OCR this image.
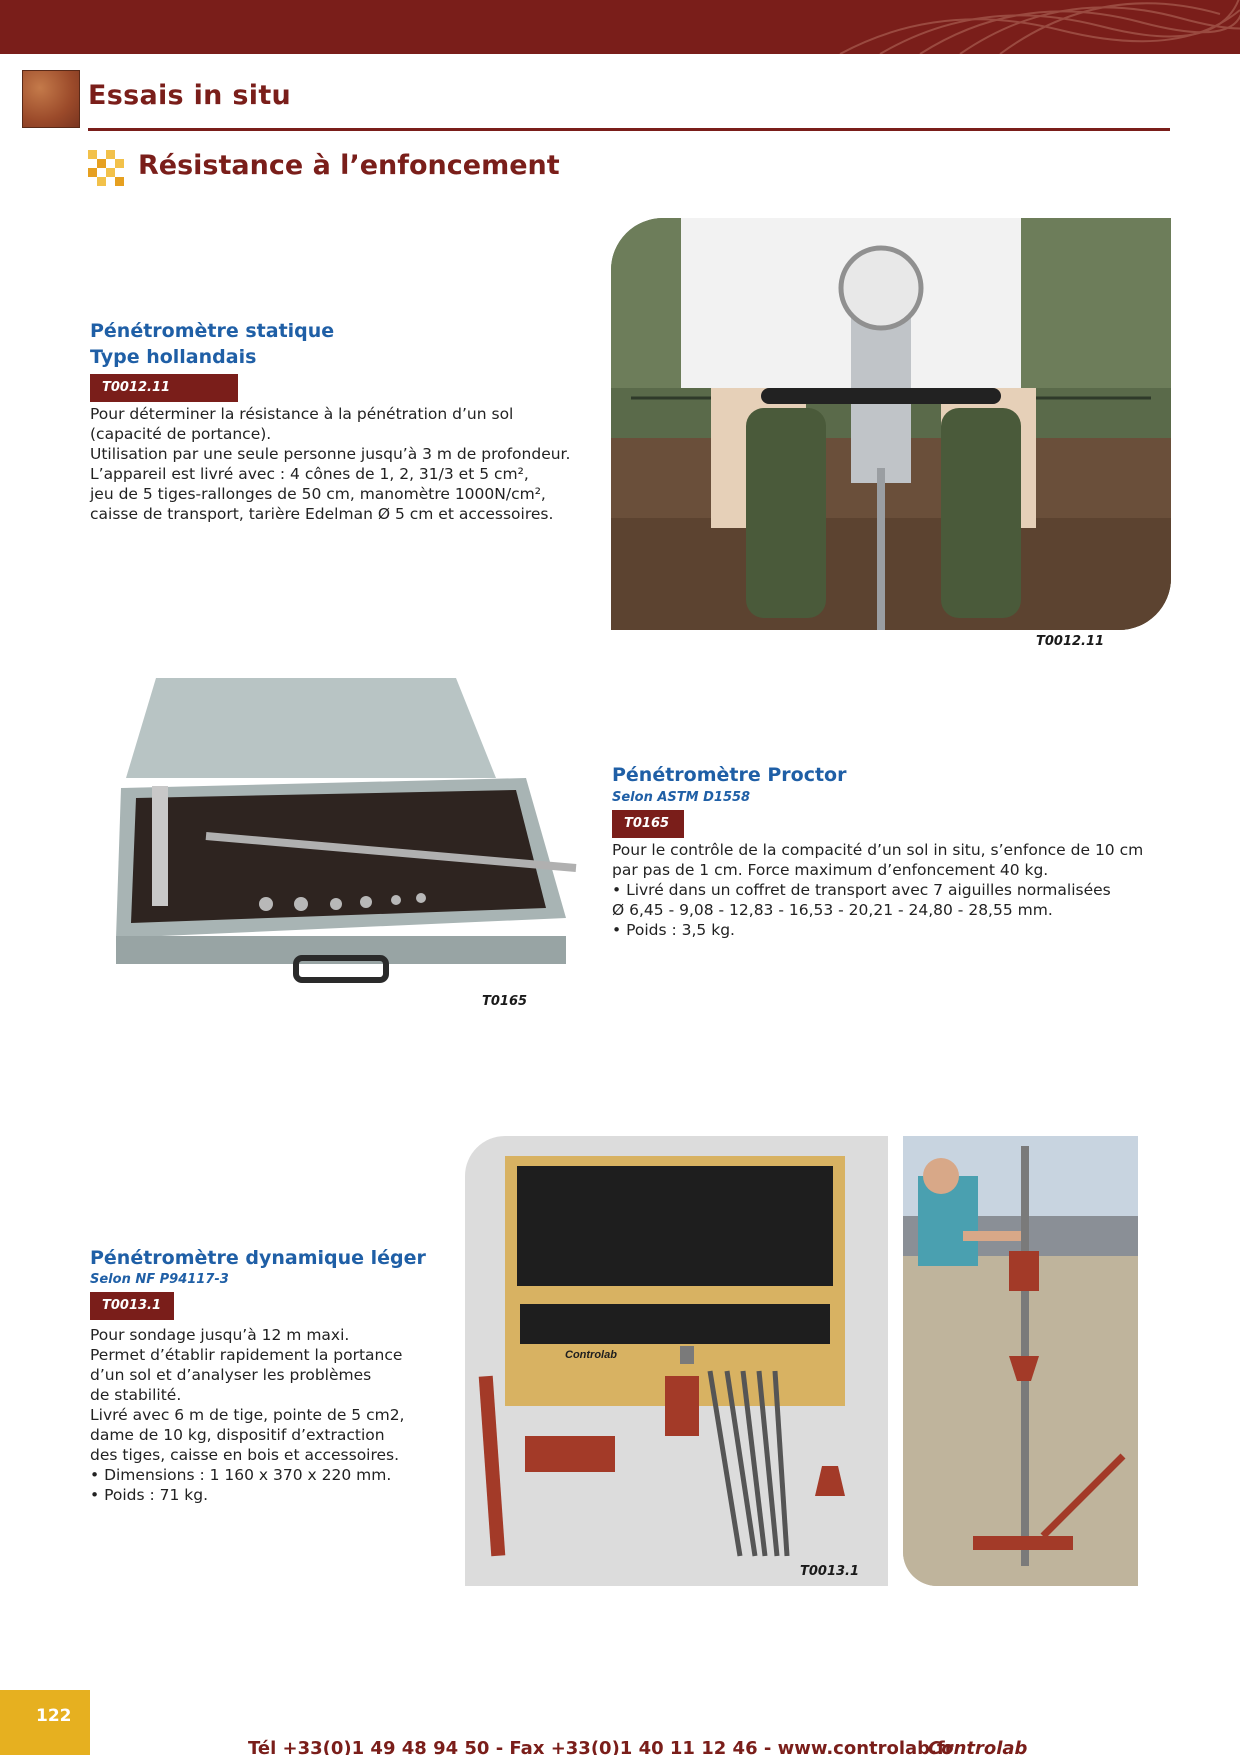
Essais in situ
Résistance à l’enfoncement
Pénétromètre statique
Type hollandais
T0012.11

Pour déterminer la résistance à la pénétration d’un sol

(capacité de portance).

Utilisation par une seule personne jusqu’à 3 m de profondeur.

L’appareil est livré avec : 4 cônes de 1, 2, 31/3 et 5 cm²,

jeu de 5 tiges-rallonges de 50 cm, manomètre 1000N/cm²,

caisse de transport, tarière Edelman Ø 5 cm et accessoires.

T0012.11
T0165
Pénétromètre Proctor
Selon ASTM D1558
T0165

Pour le contrôle de la compacité d’un sol in situ, s’enfonce de 10 cm

par pas de 1 cm. Force maximum d’enfoncement 40 kg.

• Livré dans un coffret de transport avec 7 aiguilles normalisées

Ø 6,45 - 9,08 - 12,83 - 16,53 - 20,21 - 24,80 - 28,55 mm.

• Poids : 3,5 kg.

Pénétromètre dynamique léger
Selon NF P94117-3
T0013.1

Pour sondage jusqu’à 12 m maxi.

Permet d’établir rapidement la portance

d’un sol et d’analyser les problèmes

de stabilité.

Livré avec 6 m de tige, pointe de 5 cm2,

dame de 10 kg, dispositif d’extraction

des tiges, caisse en bois et accessoires.

• Dimensions : 1 160 x 370 x 220 mm.

• Poids : 71 kg.

Controlab
T0013.1
122
Tél +33(0)1 49 48 94 50 - Fax +33(0)1 40 11 12 46 - www.controlab.fr
Controlab
